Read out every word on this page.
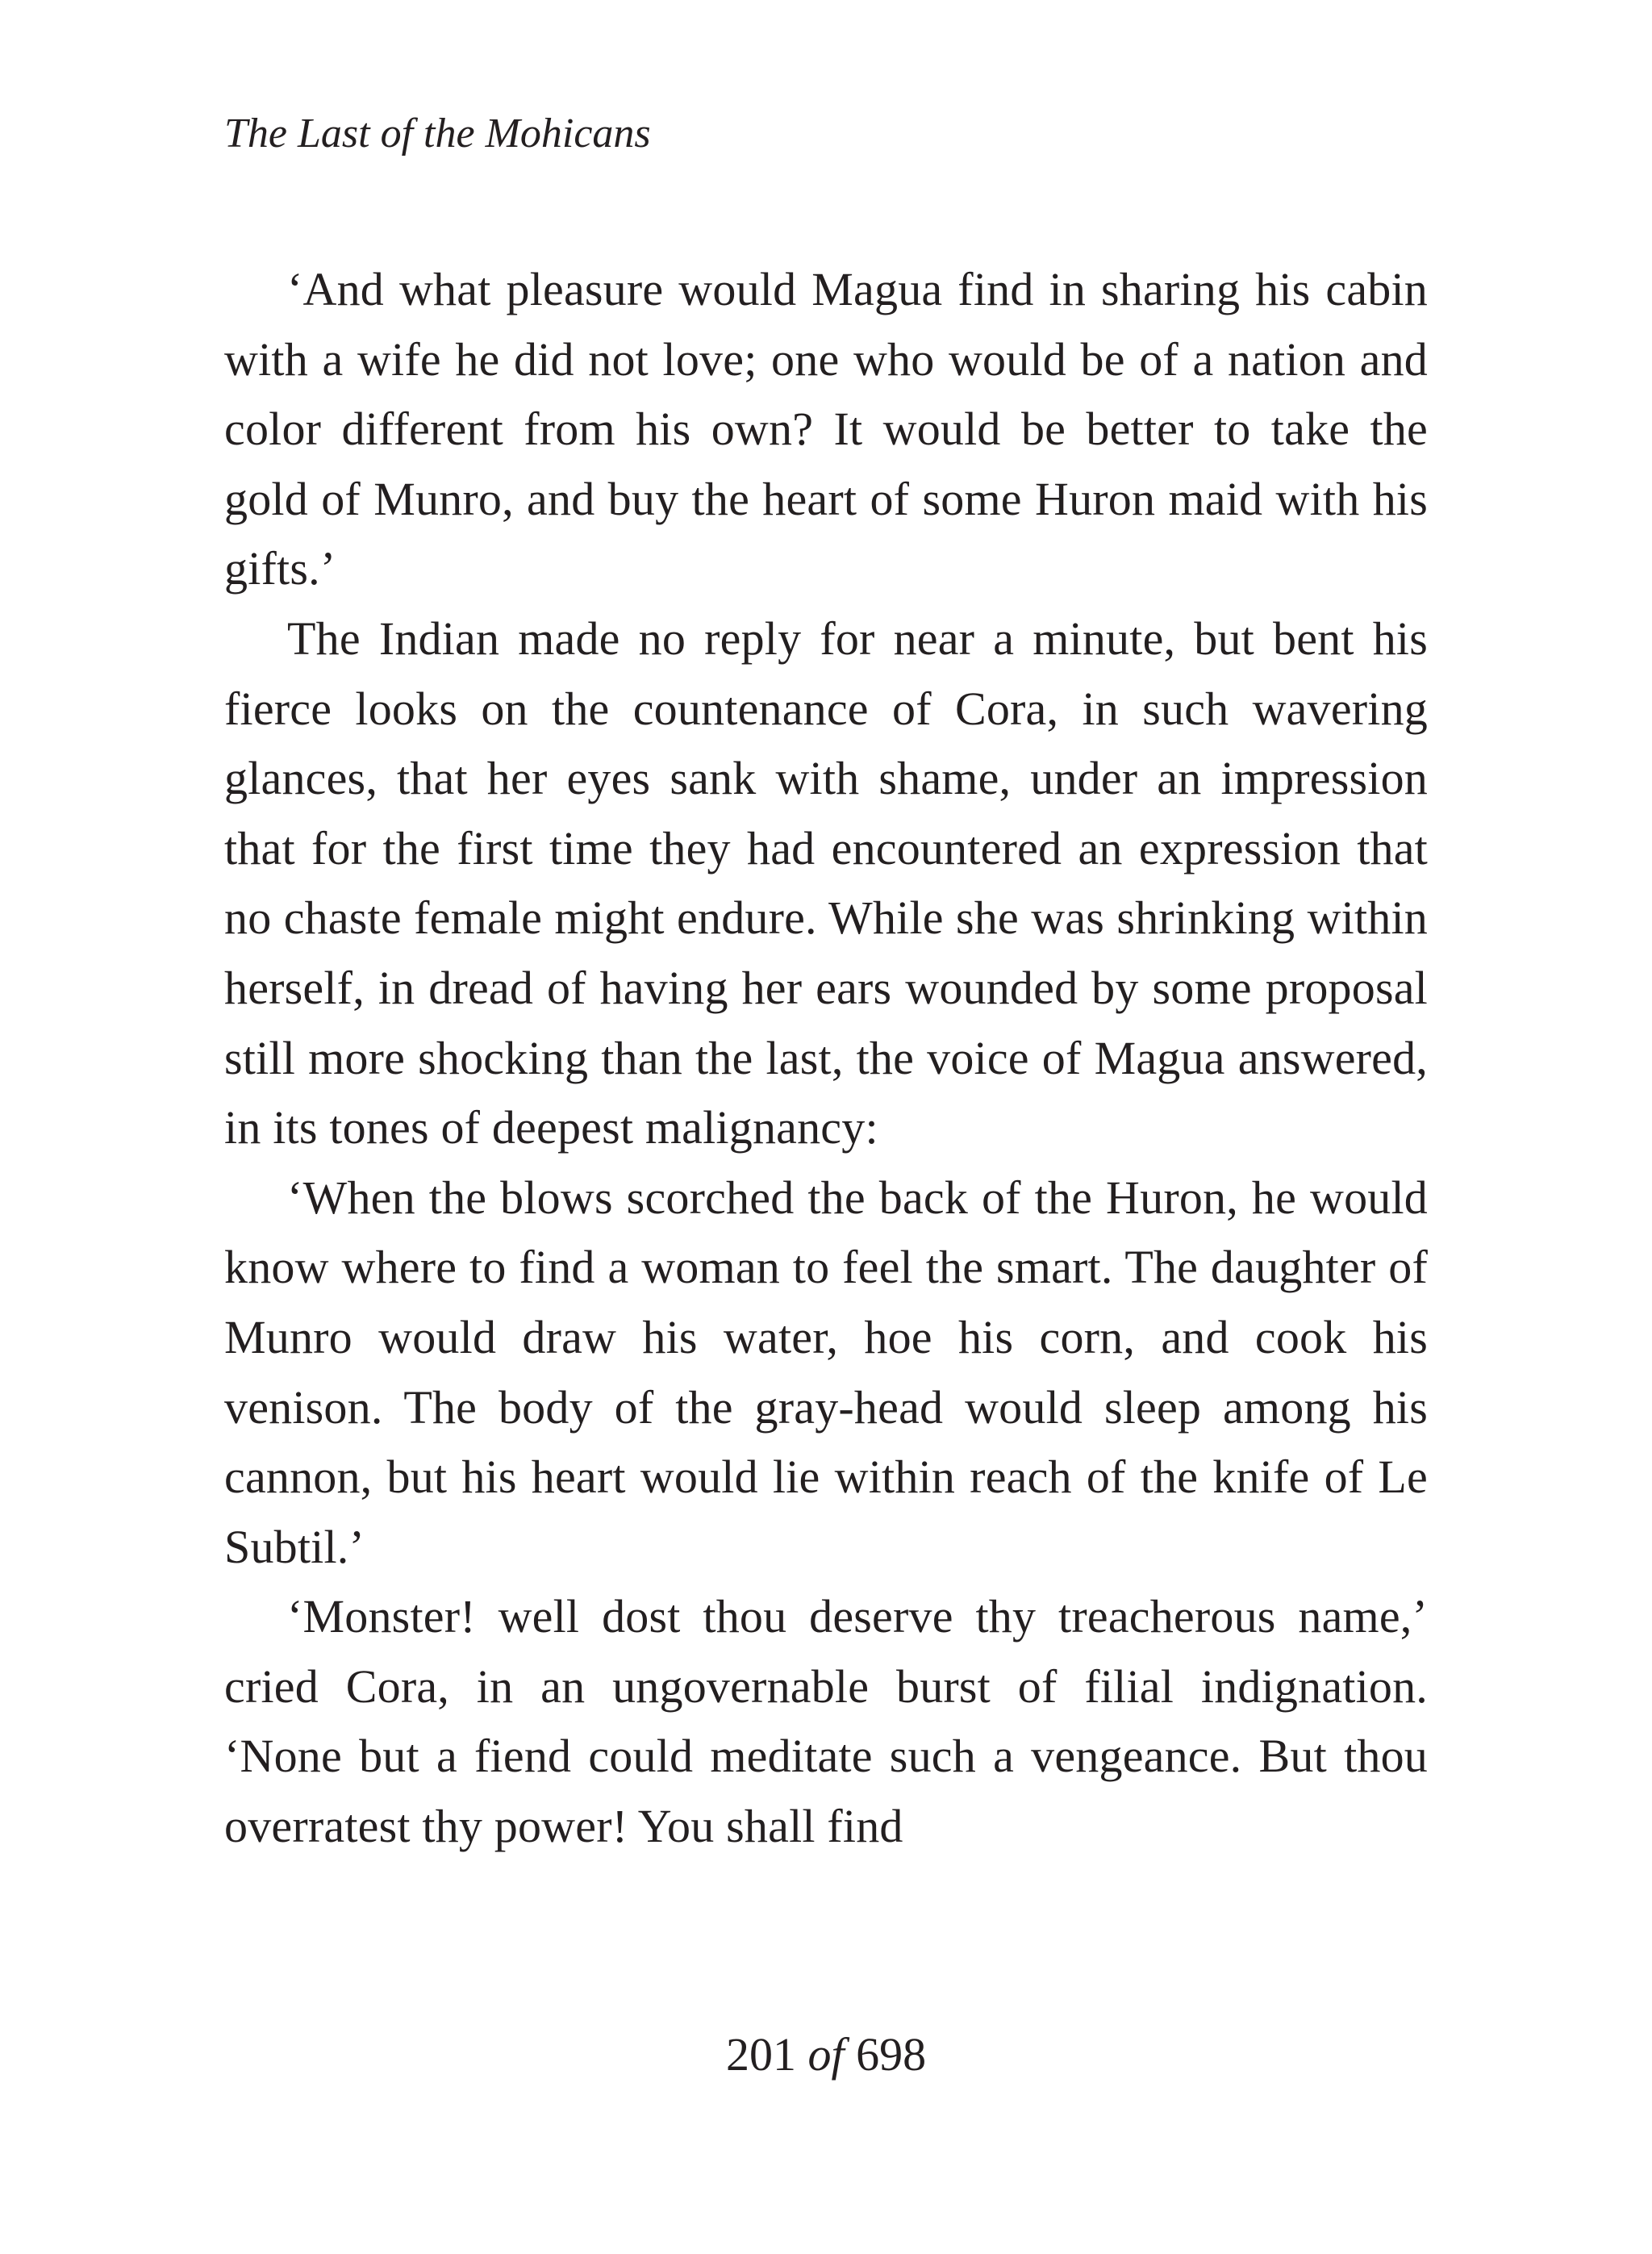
The Last of the Mohicans

‘And what pleasure would Magua find in sharing his cabin with a wife he did not love; one who would be of a nation and color different from his own? It would be better to take the gold of Munro, and buy the heart of some Huron maid with his gifts.’

The Indian made no reply for near a minute, but bent his fierce looks on the countenance of Cora, in such wavering glances, that her eyes sank with shame, under an impression that for the first time they had encountered an expression that no chaste female might endure. While she was shrinking within herself, in dread of having her ears wounded by some proposal still more shocking than the last, the voice of Magua answered, in its tones of deepest malignancy:

‘When the blows scorched the back of the Huron, he would know where to find a woman to feel the smart. The daughter of Munro would draw his water, hoe his corn, and cook his venison. The body of the gray-head would sleep among his cannon, but his heart would lie within reach of the knife of Le Subtil.’

‘Monster! well dost thou deserve thy treacherous name,’ cried Cora, in an ungovernable burst of filial indignation. ‘None but a fiend could meditate such a vengeance. But thou overratest thy power! You shall find

201 of 698
